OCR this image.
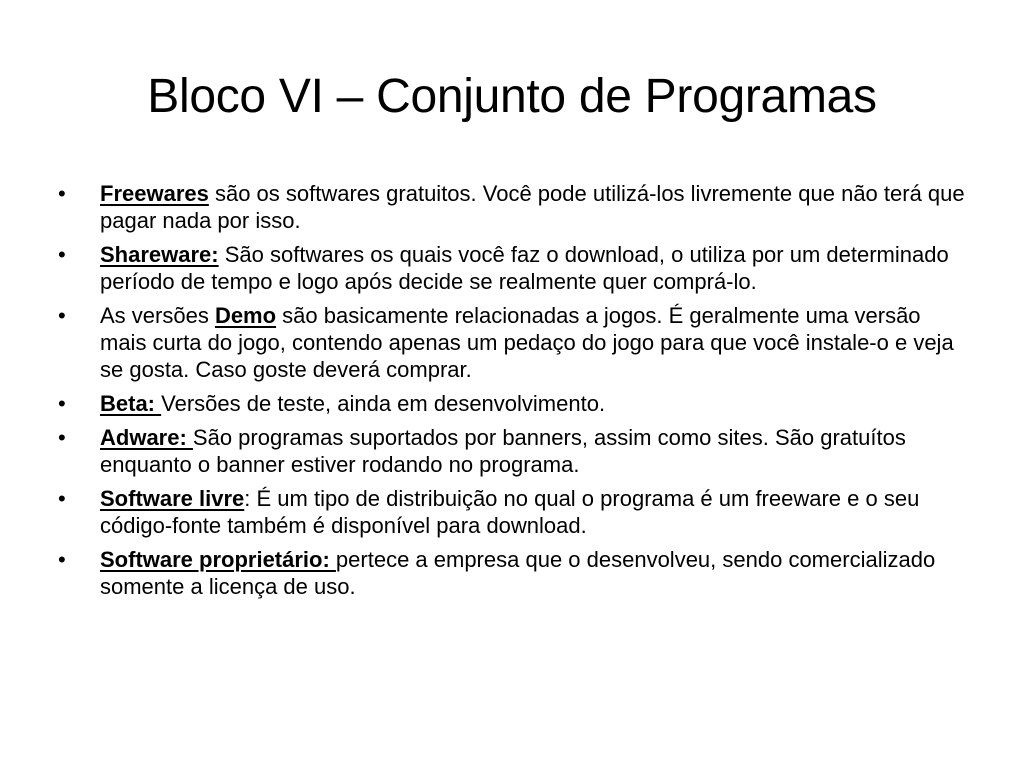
Bloco VI – Conjunto de Programas
•	Freewares são os softwares gratuitos. Você pode utilizá-los livremente que não terá que pagar nada por isso.
•	Shareware: São softwares os quais você faz o download, o utiliza por um determinado período de tempo e logo após decide se realmente quer comprá-lo.
•	As versões Demo são basicamente relacionadas a jogos. É geralmente uma versão mais curta do jogo, contendo apenas um pedaço do jogo para que você instale-o e veja se gosta. Caso goste deverá comprar.
•	Beta: Versões de teste, ainda em desenvolvimento.
•	Adware: São programas suportados por banners, assim como sites. São gratuítos enquanto o banner estiver rodando no programa.
•	Software livre: É um tipo de distribuição no qual o programa é um freeware e o seu código-fonte também é disponível para download.
•	Software proprietário: pertece a empresa que o desenvolveu, sendo comercializado somente a licença de uso.
